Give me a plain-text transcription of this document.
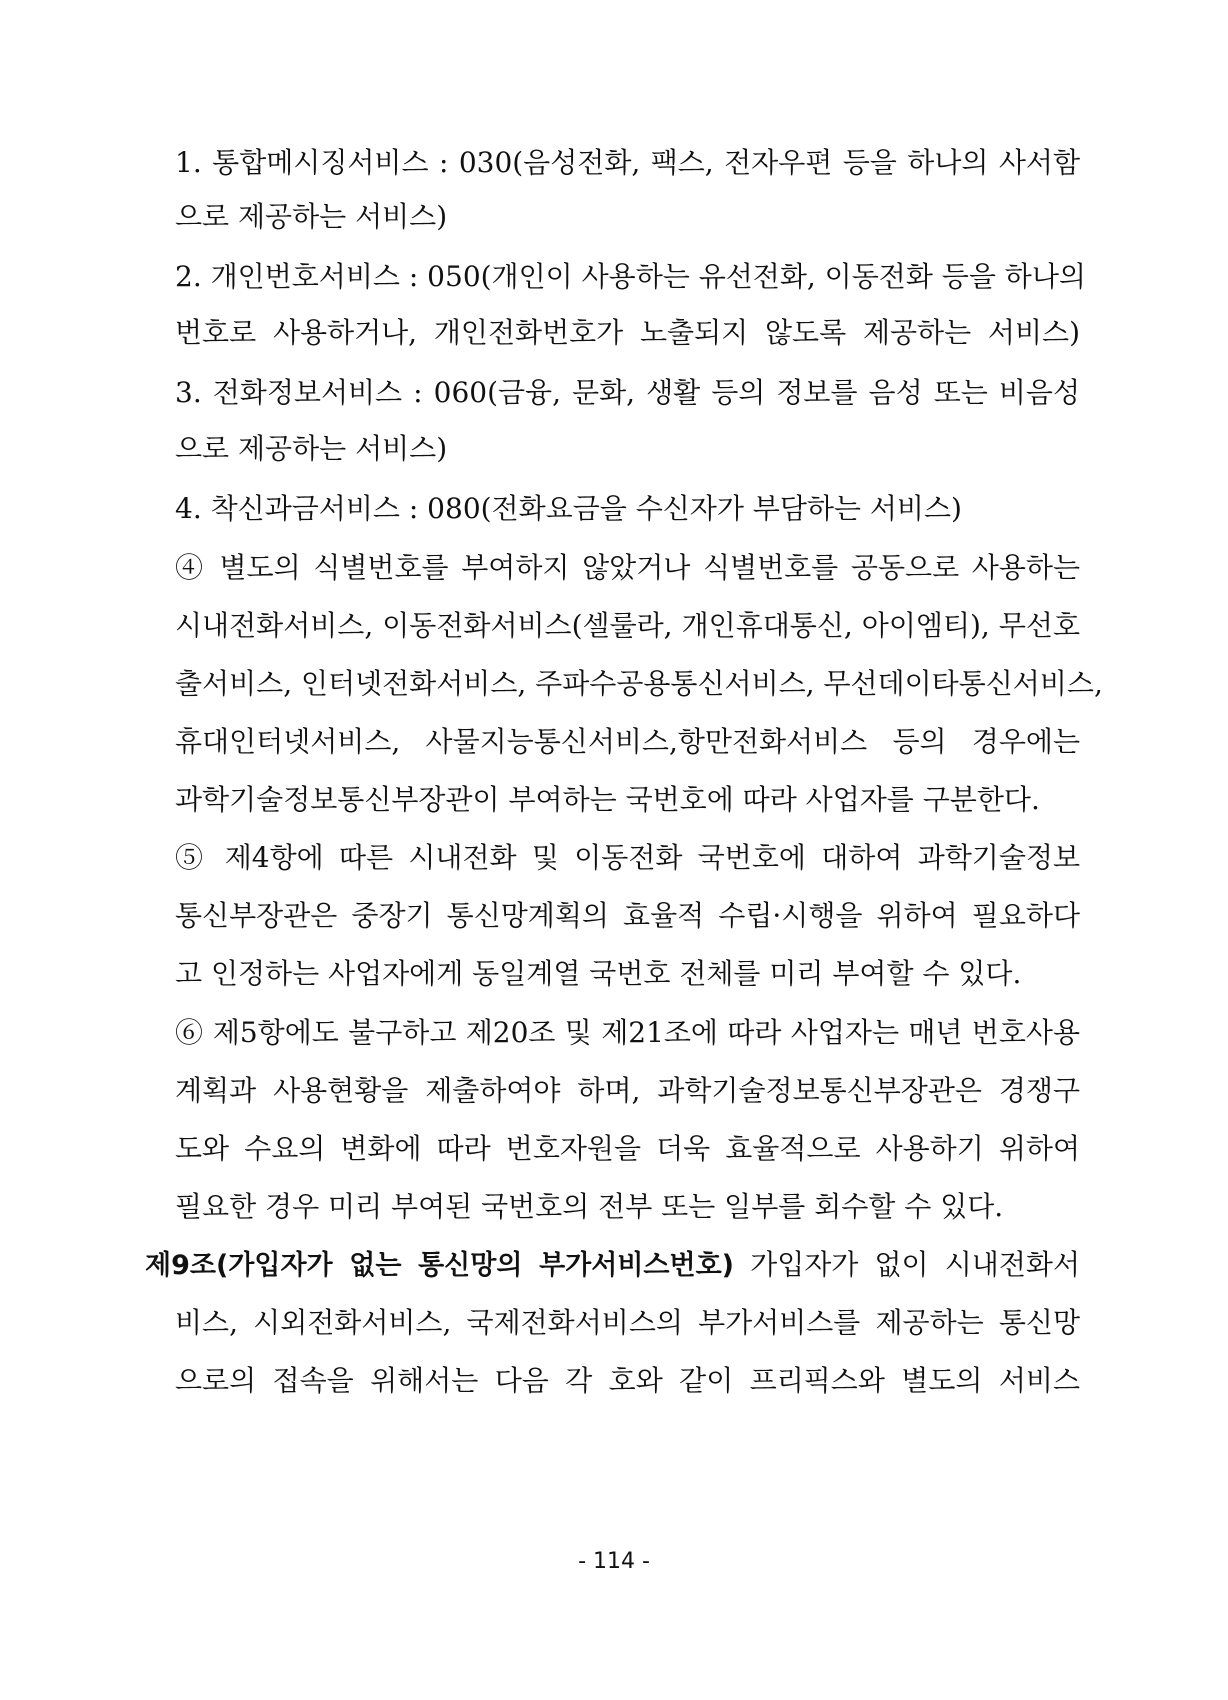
1. 통합메시징서비스 : 030(음성전화, 팩스, 전자우편 등을 하나의 사서함
으로 제공하는 서비스)
2. 개인번호서비스 : 050(개인이 사용하는 유선전화, 이동전화 등을 하나의
번호로 사용하거나, 개인전화번호가 노출되지 않도록 제공하는 서비스)
3. 전화정보서비스 : 060(금융, 문화, 생활 등의 정보를 음성 또는 비음성
으로 제공하는 서비스)
4. 착신과금서비스 : 080(전화요금을 수신자가 부담하는 서비스)
④ 별도의 식별번호를 부여하지 않았거나 식별번호를 공동으로 사용하는
시내전화서비스, 이동전화서비스(셀룰라, 개인휴대통신, 아이엠티), 무선호
출서비스, 인터넷전화서비스, 주파수공용통신서비스, 무선데이타통신서비스,
휴대인터넷서비스, 사물지능통신서비스,항만전화서비스 등의 경우에는
과학기술정보통신부장관이 부여하는 국번호에 따라 사업자를 구분한다.
⑤ 제4항에 따른 시내전화 및 이동전화 국번호에 대하여 과학기술정보
통신부장관은 중장기 통신망계획의 효율적 수립·시행을 위하여 필요하다
고 인정하는 사업자에게 동일계열 국번호 전체를 미리 부여할 수 있다.
⑥ 제5항에도 불구하고 제20조 및 제21조에 따라 사업자는 매년 번호사용
계획과 사용현황을 제출하여야 하며, 과학기술정보통신부장관은 경쟁구
도와 수요의 변화에 따라 번호자원을 더욱 효율적으로 사용하기 위하여
필요한 경우 미리 부여된 국번호의 전부 또는 일부를 회수할 수 있다.
제9조(가입자가 없는 통신망의 부가서비스번호) 가입자가 없이 시내전화서
비스, 시외전화서비스, 국제전화서비스의 부가서비스를 제공하는 통신망
으로의 접속을 위해서는 다음 각 호와 같이 프리픽스와 별도의 서비스
- 114 -
